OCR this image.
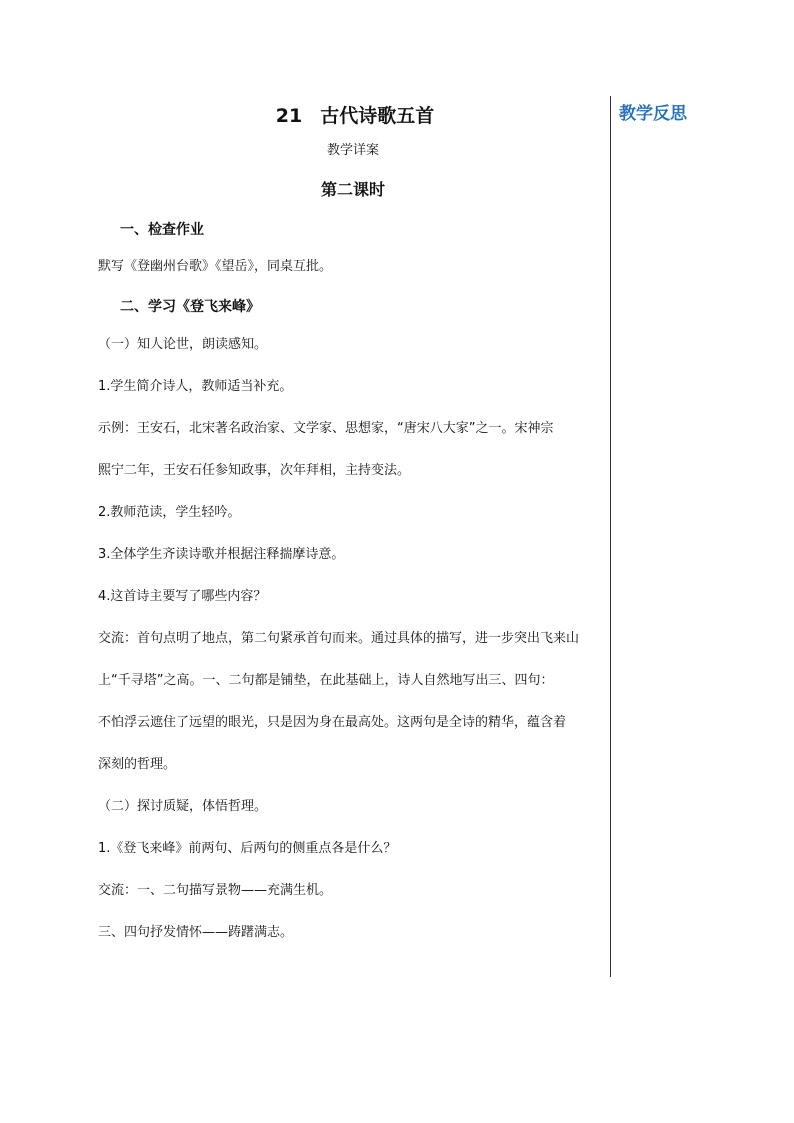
21 古代诗歌五首
教学详案
第二课时
一、检查作业

默写《登幽州台歌》《望岳》，同桌互批。

二、学习《登飞来峰》

（一）知人论世，朗读感知。

1.学生简介诗人，教师适当补充。

示例：王安石，北宋著名政治家、文学家、思想家，“唐宋八大家”之一。宋神宗

熙宁二年，王安石任参知政事，次年拜相，主持变法。

2.教师范读，学生轻吟。

3.全体学生齐读诗歌并根据注释揣摩诗意。

4.这首诗主要写了哪些内容？

交流：首句点明了地点，第二句紧承首句而来。通过具体的描写，进一步突出飞来山

上“千寻塔”之高。一、二句都是铺垫，在此基础上，诗人自然地写出三、四句：

不怕浮云遮住了远望的眼光，只是因为身在最高处。这两句是全诗的精华，蕴含着

深刻的哲理。

（二）探讨质疑，体悟哲理。

1.《登飞来峰》前两句、后两句的侧重点各是什么？

交流：一、二句描写景物——充满生机。

三、四句抒发情怀——踌躇满志。

教学反思
